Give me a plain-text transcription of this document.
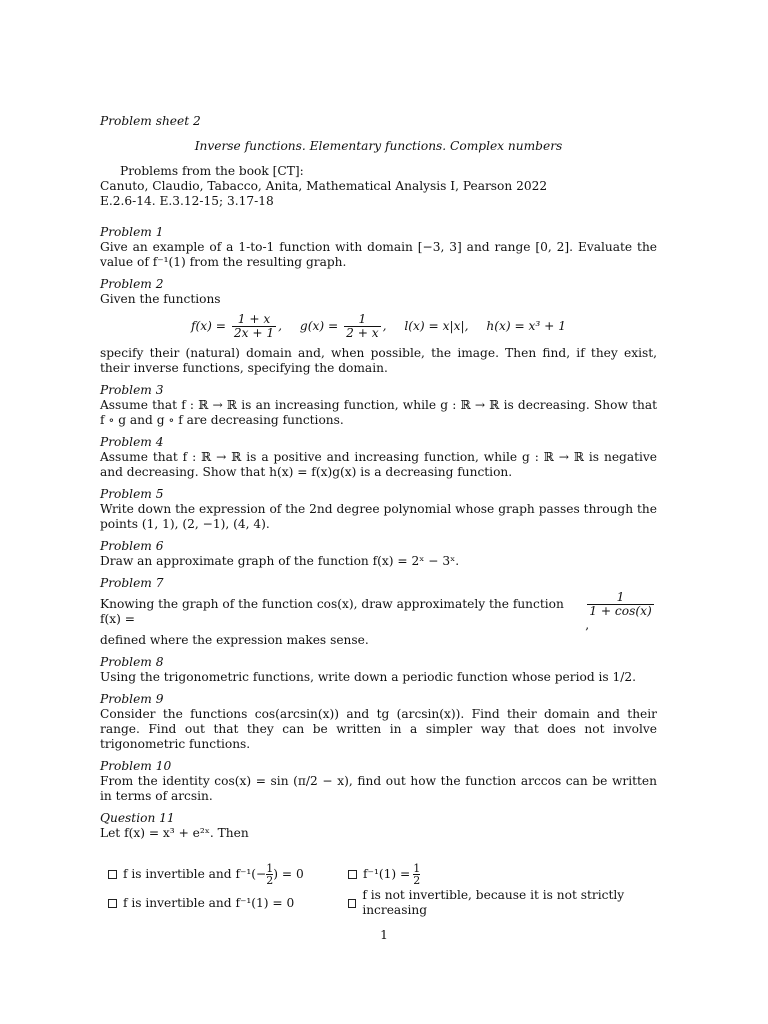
Problem sheet 2
Inverse functions. Elementary functions. Complex numbers
Problems from the book [CT]:
Canuto, Claudio, Tabacco, Anita, Mathematical Analysis I, Pearson 2022
E.2.6-14. E.3.12-15; 3.17-18
Problem 1
Give an example of a 1-to-1 function with domain [−3, 3] and range [0, 2]. Evaluate the value of f⁻¹(1) from the resulting graph.
Problem 2
Given the functions
$f(x) = \frac{1 + x}{2x + 1}$ , $g(x) = \frac{1}{2 + x}$ , l(x) = x|x|, h(x) = x³ + 1
specify their (natural) domain and, when possible, the image. Then find, if they exist, their inverse functions, specifying the domain.
Problem 3
Assume that f : ℝ → ℝ is an increasing function, while g : ℝ → ℝ is decreasing. Show that f ∘ g and g ∘ f are decreasing functions.
Problem 4
Assume that f : ℝ → ℝ is a positive and increasing function, while g : ℝ → ℝ is negative and decreasing. Show that h(x) = f(x)g(x) is a decreasing function.
Problem 5
Write down the expression of the 2nd degree polynomial whose graph passes through the points (1, 1), (2, −1), (4, 4).
Problem 6
Draw an approximate graph of the function f(x) = 2ˣ − 3ˣ.
Problem 7
Knowing the graph of the function cos(x), draw approximately the function f(x) =
$\frac{1}{1 + \cos(x)}$
,
defined where the expression makes sense.
Problem 8
Using the trigonometric functions, write down a periodic function whose period is 1/2.
Problem 9
Consider the functions cos(arcsin(x)) and tg (arcsin(x)). Find their domain and their range. Find out that they can be written in a simpler way that does not involve trigonometric functions.
Problem 10
From the identity cos(x) = sin (π/2 − x), find out how the function arccos can be written in terms of arcsin.
Question 11
Let f(x) = x³ + e²ˣ. Then
f is invertible and $f^{-1}(- \frac{1}{2}$ ) = 0	$f^{-1}(1) = \frac{1}{2}$
f is invertible and f⁻¹(1) = 0
f is not invertible, because it is not strictly increasing
1
